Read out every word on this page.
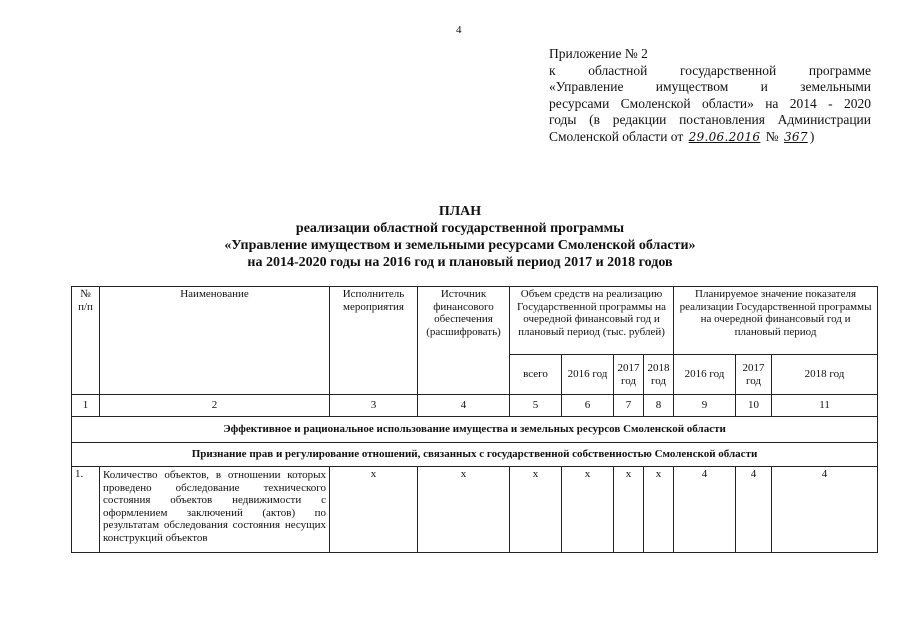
4
Приложение № 2
к областной государственной программе
«Управление имуществом и земельными
ресурсами Смоленской области» на 2014 - 2020
годы (в редакции постановления Администрации
Смоленской области от 29.06.2016 № 367 )
ПЛАН
реализации областной государственной программы
«Управление имуществом и земельными ресурсами Смоленской области»
на 2014-2020 годы на 2016 год и плановый период 2017 и 2018 годов
№ п/п	Наименование	Исполнитель мероприятия	Источник финансового обеспечения (расшифровать)	Объем средств на реализацию Государственной программы на очередной финансовый год и плановый период (тыс. рублей)				Планируемое значение показателя реализации Государственной программы на очередной финансовый год и плановый период		
				всего	2016 год	2017 год	2018 год	2016 год	2017 год	2018 год
1	2	3	4	5	6	7	8	9	10	11
Эффективное и рациональное использование имущества и земельных ресурсов Смоленской области										
Признание прав и регулирование отношений, связанных с государственной собственностью Смоленской области										
1.	Количество объектов, в отношении которых проведено обследование технического состояния объектов недвижимости с оформлением заключений (актов) по результатам обследования состояния несущих конструкций объектов	х	х	х	х	х	х	4	4	4
